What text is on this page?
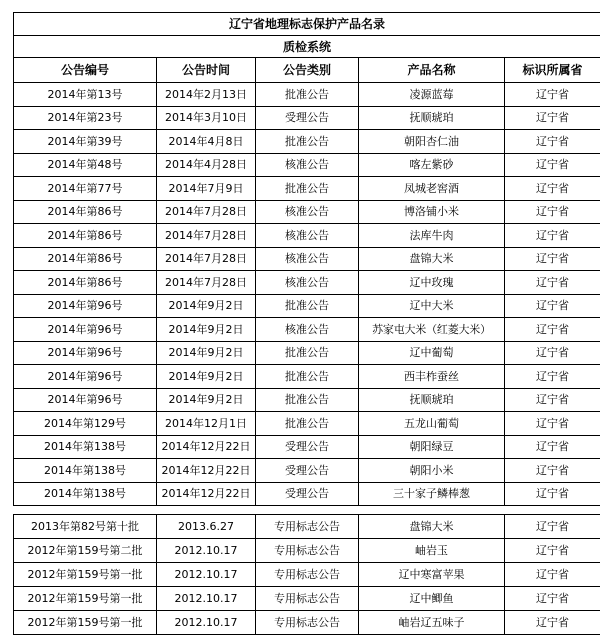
辽宁省地理标志保护产品名录				
质检系统				
公告编号	公告时间	公告类别	产品名称	标识所属省
2014年第13号	2014年2月13日	批准公告	凌源蓝莓	辽宁省
2014年第23号	2014年3月10日	受理公告	抚顺琥珀	辽宁省
2014年第39号	2014年4月8日	批准公告	朝阳杏仁油	辽宁省
2014年第48号	2014年4月28日	核准公告	喀左紫砂	辽宁省
2014年第77号	2014年7月9日	批准公告	凤城老窖酒	辽宁省
2014年第86号	2014年7月28日	核准公告	博洛铺小米	辽宁省
2014年第86号	2014年7月28日	核准公告	法库牛肉	辽宁省
2014年第86号	2014年7月28日	核准公告	盘锦大米	辽宁省
2014年第86号	2014年7月28日	核准公告	辽中玫瑰	辽宁省
2014年第96号	2014年9月2日	批准公告	辽中大米	辽宁省
2014年第96号	2014年9月2日	核准公告	苏家屯大米（红菱大米）	辽宁省
2014年第96号	2014年9月2日	批准公告	辽中葡萄	辽宁省
2014年第96号	2014年9月2日	批准公告	西丰柞蚕丝	辽宁省
2014年第96号	2014年9月2日	批准公告	抚顺琥珀	辽宁省
2014年第129号	2014年12月1日	批准公告	五龙山葡萄	辽宁省
2014年第138号	2014年12月22日	受理公告	朝阳绿豆	辽宁省
2014年第138号	2014年12月22日	受理公告	朝阳小米	辽宁省
2014年第138号	2014年12月22日	受理公告	三十家子鳞棒葱	辽宁省

2013年第82号第十批	2013.6.27	专用标志公告	盘锦大米	辽宁省
2012年第159号第二批	2012.10.17	专用标志公告	岫岩玉	辽宁省
2012年第159号第一批	2012.10.17	专用标志公告	辽中寒富苹果	辽宁省
2012年第159号第一批	2012.10.17	专用标志公告	辽中鲫鱼	辽宁省
2012年第159号第一批	2012.10.17	专用标志公告	岫岩辽五味子	辽宁省
